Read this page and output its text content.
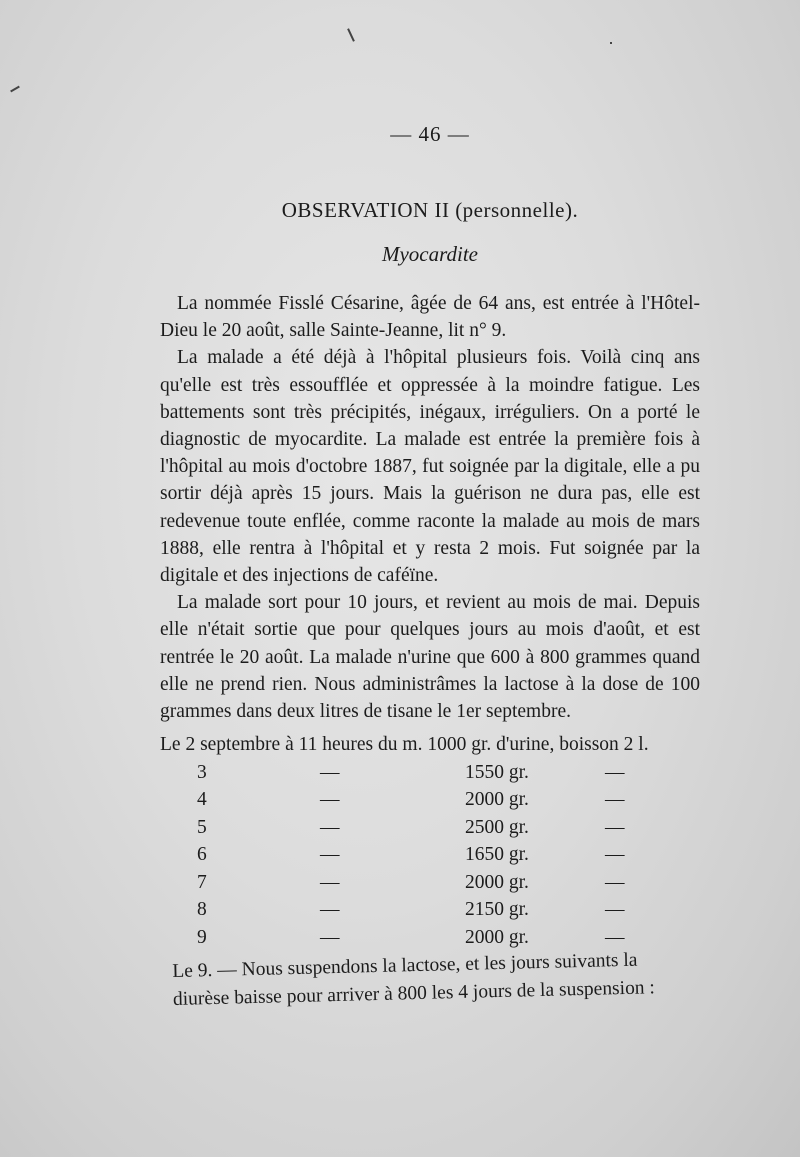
— 46 —
OBSERVATION II (personnelle).
Myocardite

La nommée Fisslé Césarine, âgée de 64 ans, est entrée à l'Hôtel-Dieu le 20 août, salle Sainte-Jeanne, lit n° 9.

La malade a été déjà à l'hôpital plusieurs fois. Voilà cinq ans qu'elle est très essoufflée et oppressée à la moindre fatigue. Les battements sont très précipités, inégaux, irréguliers. On a porté le diagnostic de myocardite. La malade est entrée la première fois à l'hôpital au mois d'octobre 1887, fut soignée par la digitale, elle a pu sortir déjà après 15 jours. Mais la guérison ne dura pas, elle est redevenue toute enflée, comme raconte la malade au mois de mars 1888, elle rentra à l'hôpital et y resta 2 mois. Fut soignée par la digitale et des injections de caféïne.

La malade sort pour 10 jours, et revient au mois de mai. Depuis elle n'était sortie que pour quelques jours au mois d'août, et est rentrée le 20 août. La malade n'urine que 600 à 800 grammes quand elle ne prend rien. Nous administrâmes la lactose à la dose de 100 grammes dans deux litres de tisane le 1er septembre.

Le 2 septembre à 11 heures du m. 1000 gr. d'urine, boisson 2 l.
3	—	1550 gr.	—
4	—	2000 gr.	—
5	—	2500 gr.	—
6	—	1650 gr.	—
7	—	2000 gr.	—
8	—	2150 gr.	—
9	—	2000 gr.	—

Le 9. — Nous suspendons la lactose, et les jours suivants la

diurèse baisse pour arriver à 800 les 4 jours de la suspension :
